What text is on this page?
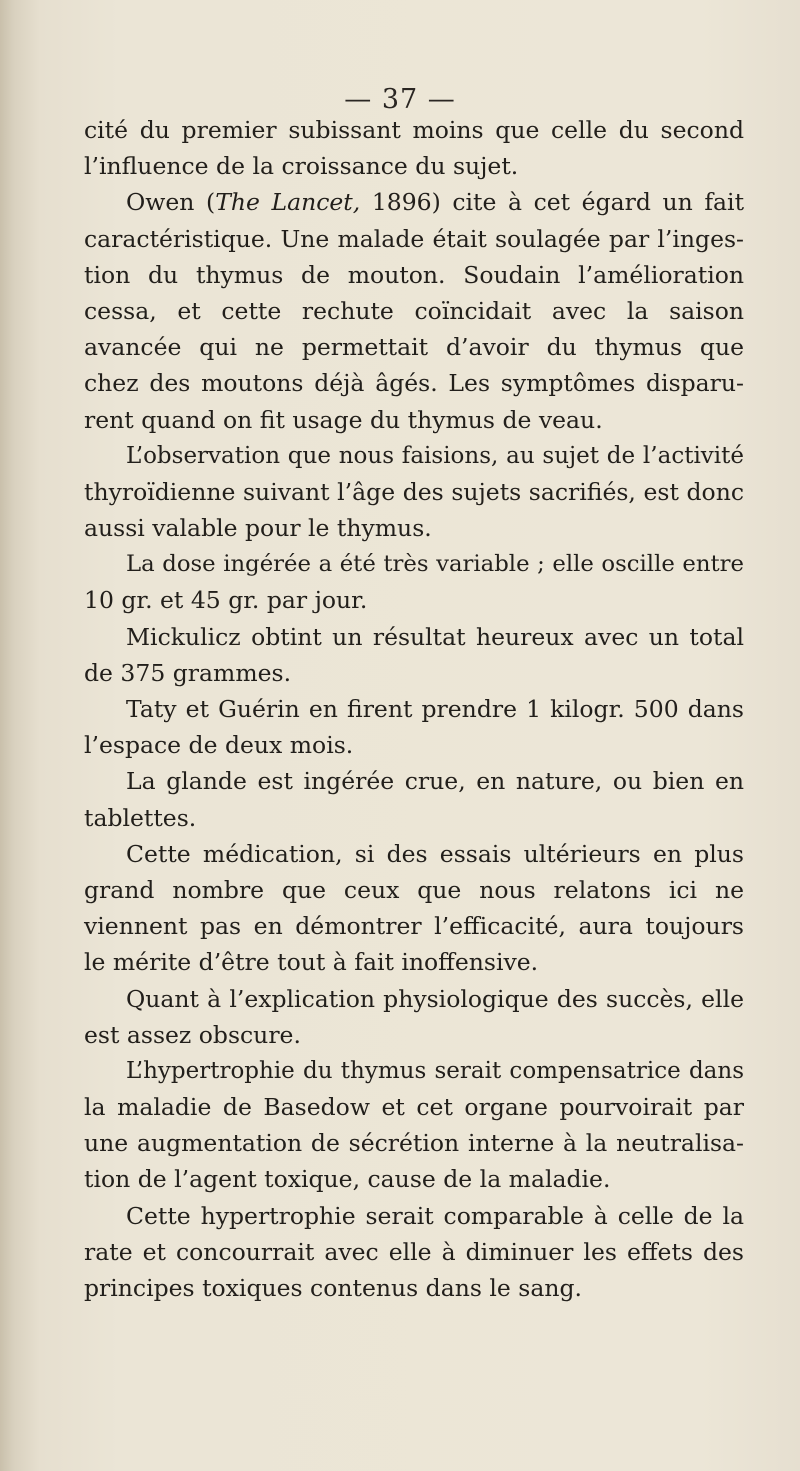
— 37 —
cité du premier subissant moins que celle du second
l’influence de la croissance du sujet.
Owen (The Lancet, 1896) cite à cet égard un fait
caractéristique. Une malade était soulagée par l’inges-
tion du thymus de mouton. Soudain l’amélioration
cessa, et cette rechute coïncidait avec la saison
avancée qui ne permettait d’avoir du thymus que
chez des moutons déjà âgés. Les symptômes disparu-
rent quand on fit usage du thymus de veau.
L’observation que nous faisions, au sujet de l’activité
thyroïdienne suivant l’âge des sujets sacrifiés, est donc
aussi valable pour le thymus.
La dose ingérée a été très variable ; elle oscille entre
10 gr. et 45 gr. par jour.
Mickulicz obtint un résultat heureux avec un total
de 375 grammes.
Taty et Guérin en firent prendre 1 kilogr. 500 dans
l’espace de deux mois.
La glande est ingérée crue, en nature, ou bien en
tablettes.
Cette médication, si des essais ultérieurs en plus
grand nombre que ceux que nous relatons ici ne
viennent pas en démontrer l’efficacité, aura toujours
le mérite d’être tout à fait inoffensive.
Quant à l’explication physiologique des succès, elle
est assez obscure.
L’hypertrophie du thymus serait compensatrice dans
la maladie de Basedow et cet organe pourvoirait par
une augmentation de sécrétion interne à la neutralisa-
tion de l’agent toxique, cause de la maladie.
Cette hypertrophie serait comparable à celle de la
rate et concourrait avec elle à diminuer les effets des
principes toxiques contenus dans le sang.
